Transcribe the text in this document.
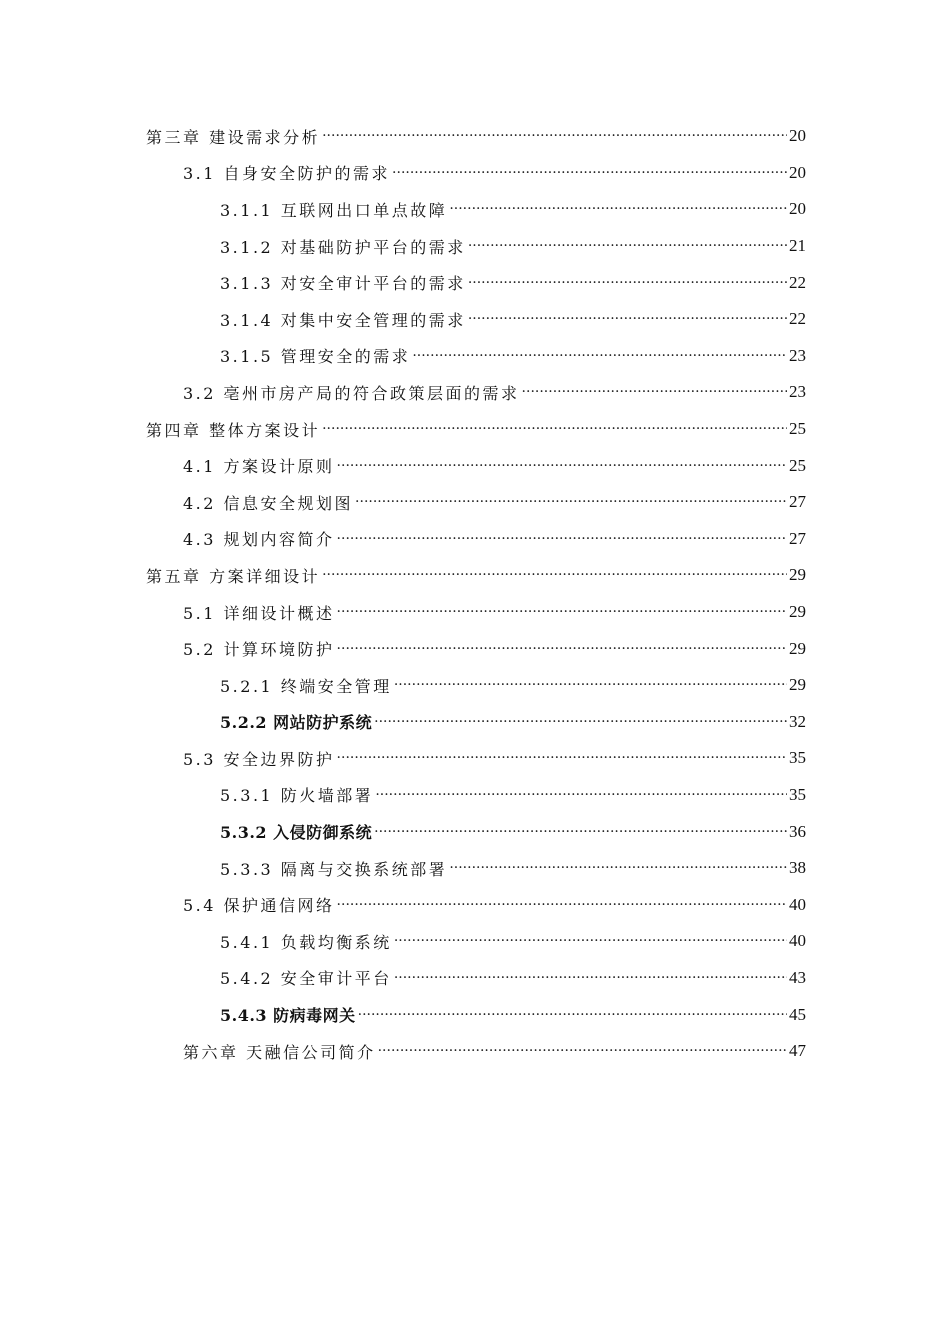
第三章 建设需求分析 ·····	20
3.1 自身安全防护的需求 ·····	20
3.1.1 互联网出口单点故障 ·····	20
3.1.2 对基础防护平台的需求 ·····	21
3.1.3 对安全审计平台的需求 ·····	22
3.1.4 对集中安全管理的需求 ·····	22
3.1.5 管理安全的需求 ·····	23
3.2 亳州市房产局的符合政策层面的需求 ·····	23
第四章 整体方案设计 ·····	25
4.1 方案设计原则 ·····	25
4.2 信息安全规划图 ·····	27
4.3 规划内容简介 ·····	27
第五章 方案详细设计 ·····	29
5.1 详细设计概述 ·····	29
5.2 计算环境防护 ·····	29
5.2.1 终端安全管理 ·····	29
5.2.2 网站防护系统 ·····	32
5.3 安全边界防护 ·····	35
5.3.1 防火墙部署 ·····	35
5.3.2 入侵防御系统 ·····	36
5.3.3 隔离与交换系统部署 ·····	38
5.4 保护通信网络 ·····	40
5.4.1 负载均衡系统 ·····	40
5.4.2 安全审计平台 ·····	43
5.4.3 防病毒网关 ·····	45
第六章 天融信公司简介 ·····	47
